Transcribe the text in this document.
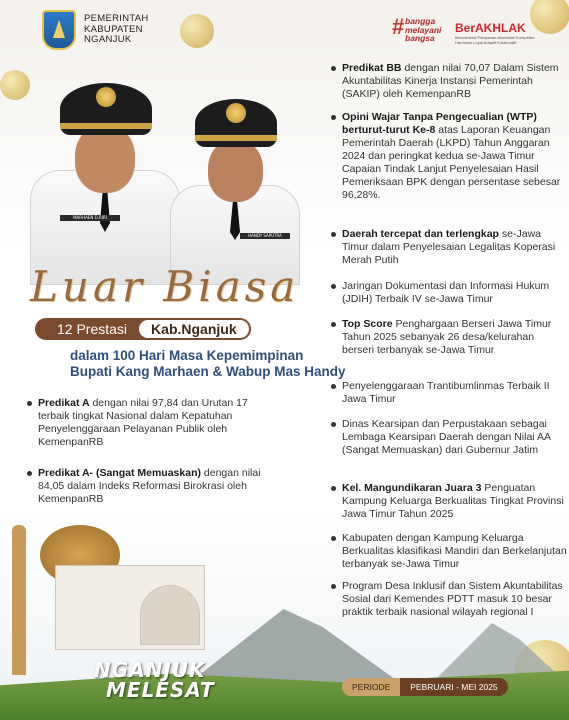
PEMERINTAH
KABUPATEN
NGANJUK
# bangga
melayani
bangsa
BerAKHLAK
Berorientasi Pelayanan Akuntabel Kompeten Harmonis Loyal Adaptif Kolaboratif
MARHAEN D.RIRI
HANDY SAPUTRA
Luar Biasa
12 Prestasi	Kab.Nganjuk
dalam 100 Hari Masa Kepemimpinan
Bupati Kang Marhaen & Wabup Mas Handy
Predikat A dengan nilai 97,84 dan Urutan 17 terbaik tingkat Nasional dalam Kepatuhan Penyelenggaraan Pelayanan Publik oleh KemenpanRB
Predikat A- (Sangat Memuaskan) dengan nilai 84,05 dalam Indeks Reformasi Birokrasi oleh KemenpanRB
Predikat BB dengan nilai 70,07 Dalam Sistem Akuntabilitas Kinerja Instansi Pemerintah (SAKIP) oleh KemenpanRB
Opini Wajar Tanpa Pengecualian (WTP) berturut-turut Ke-8 atas Laporan Keuangan Pemerintah Daerah (LKPD) Tahun Anggaran 2024 dan peringkat kedua se-Jawa Timur Capaian Tindak Lanjut Penyelesaian Hasil Pemeriksaan BPK dengan persentase sebesar 96,28%.
Daerah tercepat dan terlengkap se-Jawa Timur dalam Penyelesaian Legalitas Koperasi Merah Putih
Jaringan Dokumentasi dan Informasi Hukum (JDIH) Terbaik IV se-Jawa Timur
Top Score Penghargaan Berseri Jawa Timur Tahun 2025 sebanyak 26 desa/kelurahan berseri terbanyak se-Jawa Timur
Penyelenggaraan Trantibumlinmas Terbaik II Jawa Timur
Dinas Kearsipan dan Perpustakaan sebagai Lembaga Kearsipan Daerah dengan Nilai AA (Sangat Memuaskan) dari Gubernur Jatim
Kel. Mangundikaran Juara 3 Penguatan Kampung Keluarga Berkualitas Tingkat Provinsi Jawa Timur Tahun 2025
Kabupaten dengan Kampung Keluarga Berkualitas klasifikasi Mandiri dan Berkelanjutan terbanyak se-Jawa Timur
Program Desa Inklusif dan Sistem Akuntabilitas Sosial dari Kemendes PDTT masuk 10 besar praktik terbaik nasional wilayah regional I
NGANJUK
MELESAT	PERIODE	PEBRUARI - MEI 2025
